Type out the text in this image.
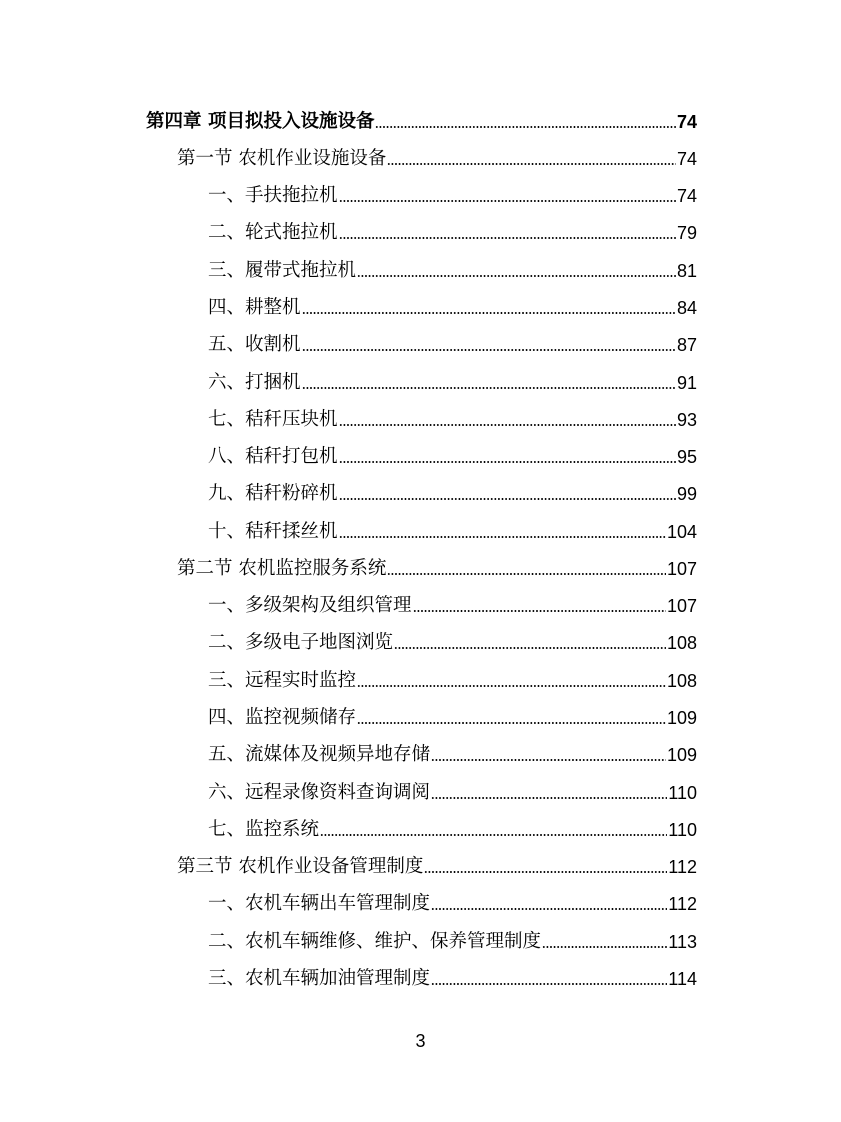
第四章 项目拟投入设施设备	74
第一节 农机作业设施设备	74
一、手扶拖拉机	74
二、轮式拖拉机	79
三、履带式拖拉机	81
四、耕整机	84
五、收割机	87
六、打捆机	91
七、秸秆压块机	93
八、秸秆打包机	95
九、秸秆粉碎机	99
十、秸秆揉丝机	104
第二节 农机监控服务系统	107
一、多级架构及组织管理	107
二、多级电子地图浏览	108
三、远程实时监控	108
四、监控视频储存	109
五、流媒体及视频异地存储	109
六、远程录像资料查询调阅	110
七、监控系统	110
第三节 农机作业设备管理制度	112
一、农机车辆出车管理制度	112
二、农机车辆维修、维护、保养管理制度	113
三、农机车辆加油管理制度	114
3
